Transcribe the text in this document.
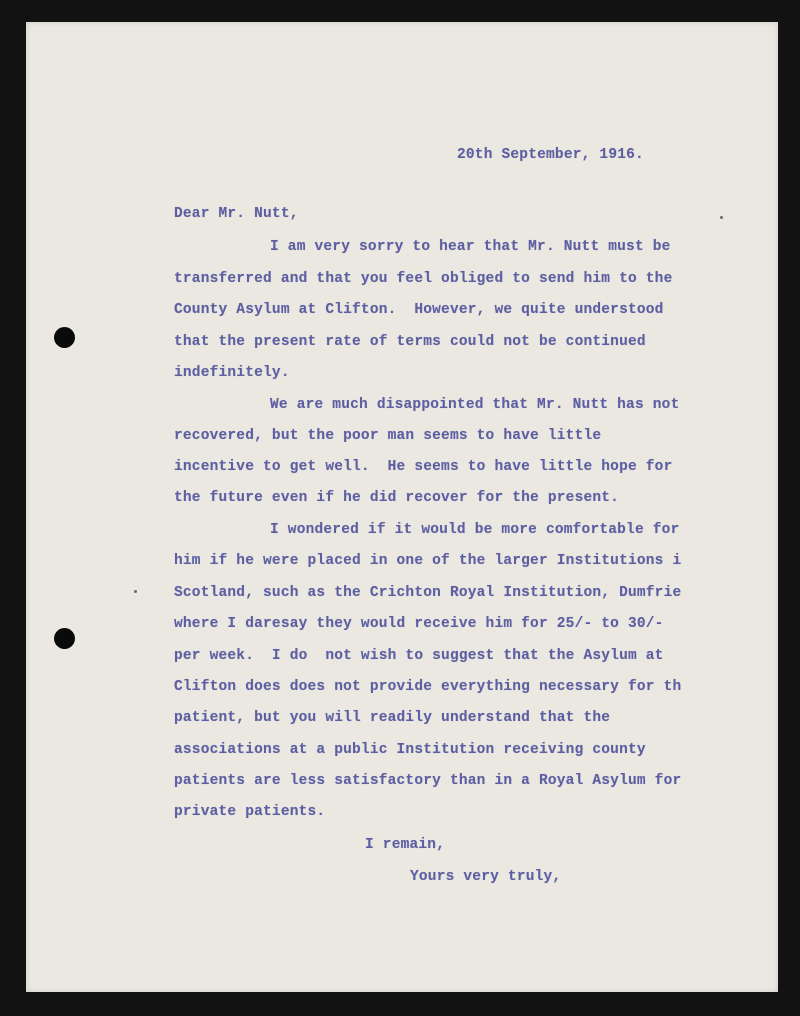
20th September, 1916.

Dear Mr. Nutt,

I am very sorry to hear that Mr. Nutt must be

transferred and that you feel obliged to send him to the

County Asylum at Clifton.  However, we quite understood

that the present rate of terms could not be continued

indefinitely.

We are much disappointed that Mr. Nutt has not

recovered, but the poor man seems to have little

incentive to get well.  He seems to have little hope for

the future even if he did recover for the present.

I wondered if it would be more comfortable for

him if he were placed in one of the larger Institutions i

Scotland, such as the Crichton Royal Institution, Dumfrie

where I daresay they would receive him for 25/- to 30/-

per week.  I do  not wish to suggest that the Asylum at

Clifton does does not provide everything necessary for th

patient, but you will readily understand that the

associations at a public Institution receiving county

patients are less satisfactory than in a Royal Asylum for

private patients.

I remain,

Yours very truly,
